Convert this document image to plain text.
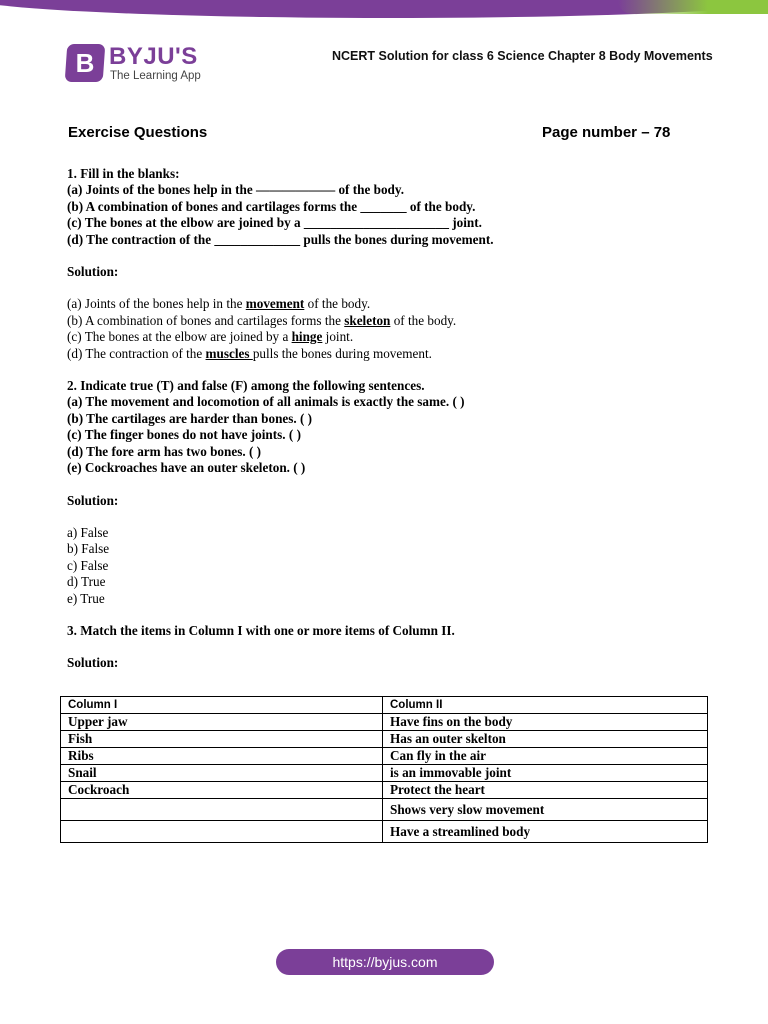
B BYJU'S
The Learning App
NCERT Solution for class 6 Science Chapter 8 Body Movements
Exercise Questions	Page number – 78

1. Fill in the blanks:

(a) Joints of the bones help in the —————— of the body.

(b) A combination of bones and cartilages forms the _______ of the body.

(c) The bones at the elbow are joined by a ______________________ joint.

(d) The contraction of the _____________ pulls the bones during movement.

Solution:

(a) Joints of the bones help in the movement of the body.

(b) A combination of bones and cartilages forms the skeleton of the body.

(c) The bones at the elbow are joined by a hinge joint.

(d) The contraction of the muscles pulls the bones during movement.

2. Indicate true (T) and false (F) among the following sentences.

(a) The movement and locomotion of all animals is exactly the same. ( )

(b) The cartilages are harder than bones. ( )

(c) The finger bones do not have joints. ( )

(d) The fore arm has two bones. ( )

(e) Cockroaches have an outer skeleton. ( )

Solution:

a) False

b) False

c) False

d) True

e) True

3. Match the items in Column I with one or more items of Column II.

Solution:

Column I	Column II
Upper jaw	Have fins on the body
Fish	Has an outer skelton
Ribs	Can fly in the air
Snail	is an immovable joint
Cockroach	Protect the heart
	Shows very slow movement
	Have a streamlined body
https://byjus.com
